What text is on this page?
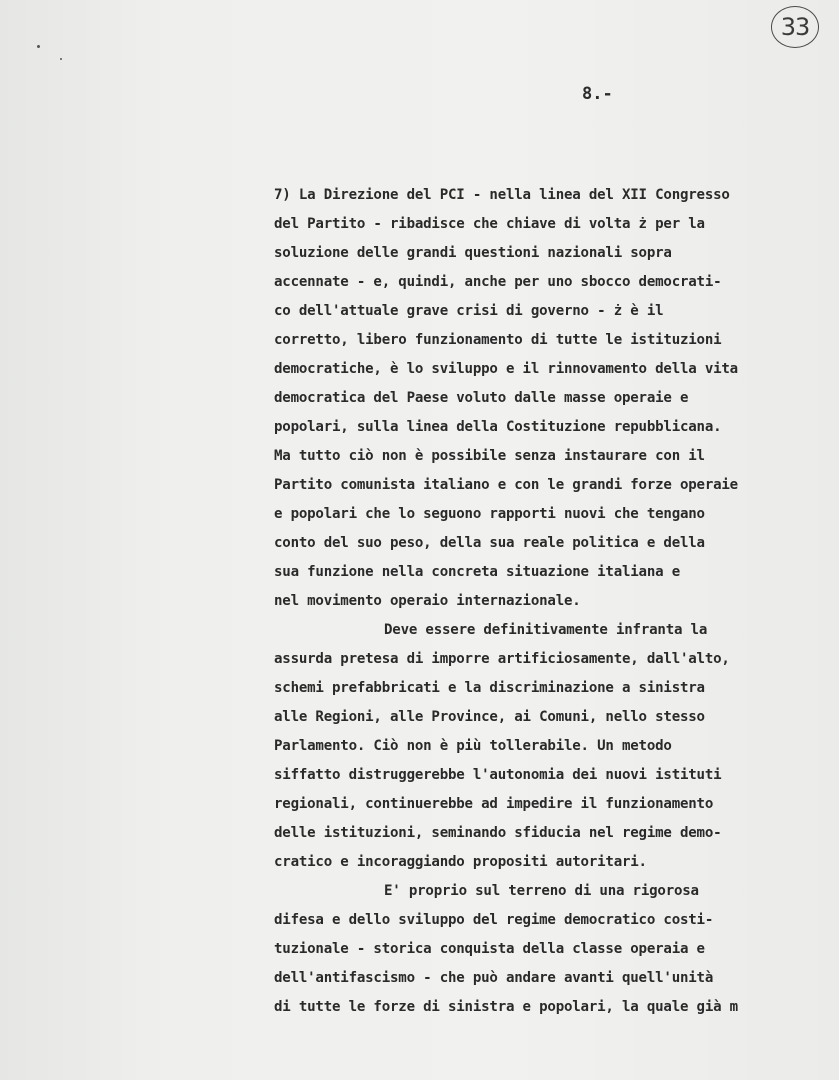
33
8.-
7) La Direzione del PCI - nella linea del XII Congresso
del Partito - ribadisce che chiave di volta ż per la
soluzione delle grandi questioni nazionali sopra
accennate - e, quindi, anche per uno sbocco democrati-
co dell'attuale grave crisi di governo - ż è il
corretto, libero funzionamento di tutte le istituzioni
democratiche, è lo sviluppo e il rinnovamento della vita
democratica del Paese voluto dalle masse operaie e
popolari, sulla linea della Costituzione repubblicana.
Ma tutto ciò non è possibile senza instaurare con il
Partito comunista italiano e con le grandi forze operaie
e popolari che lo seguono rapporti nuovi che tengano
conto del suo peso, della sua reale politica e della
sua funzione nella concreta situazione italiana e
nel movimento operaio internazionale.
Deve essere definitivamente infranta la
assurda pretesa di imporre artificiosamente, dall'alto,
schemi prefabbricati e la discriminazione a sinistra
alle Regioni, alle Province, ai Comuni, nello stesso
Parlamento. Ciò non è più tollerabile. Un metodo
siffatto distruggerebbe l'autonomia dei nuovi istituti
regionali, continuerebbe ad impedire il funzionamento
delle istituzioni, seminando sfiducia nel regime demo-
cratico e incoraggiando propositi autoritari.
E' proprio sul terreno di una rigorosa
difesa e dello sviluppo del regime democratico costi-
tuzionale - storica conquista della classe operaia e
dell'antifascismo - che può andare avanti quell'unità
di tutte le forze di sinistra e popolari, la quale già m
